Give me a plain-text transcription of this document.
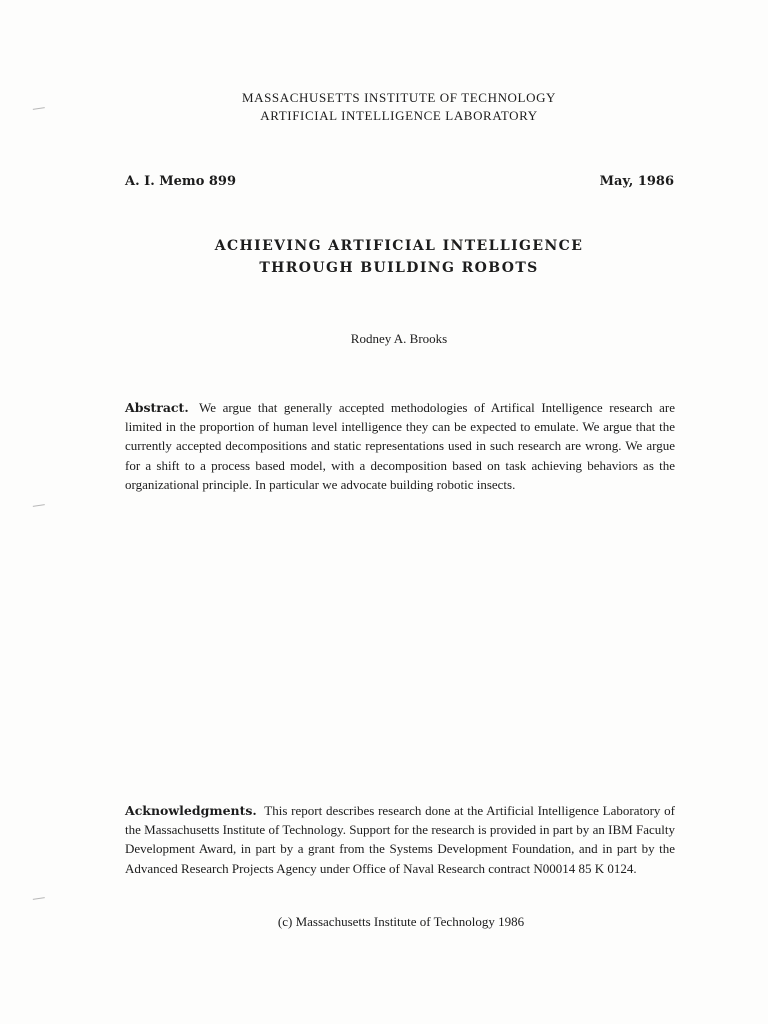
MASSACHUSETTS INSTITUTE OF TECHNOLOGY
ARTIFICIAL INTELLIGENCE LABORATORY
A. I. Memo 899	May, 1986
ACHIEVING ARTIFICIAL INTELLIGENCE
THROUGH BUILDING ROBOTS
Rodney A. Brooks
Abstract. We argue that generally accepted methodologies of Artifical Intelligence research are limited in the proportion of human level intelligence they can be expected to emulate. We argue that the currently accepted decompositions and static representations used in such research are wrong. We argue for a shift to a process based model, with a decomposition based on task achieving behaviors as the organizational principle. In particular we advocate building robotic insects.
Acknowledgments. This report describes research done at the Artificial Intelligence Laboratory of the Massachusetts Institute of Technology. Support for the research is provided in part by an IBM Faculty Development Award, in part by a grant from the Systems Development Foundation, and in part by the Advanced Research Projects Agency under Office of Naval Research contract N00014 85 K 0124.
(c) Massachusetts Institute of Technology 1986
